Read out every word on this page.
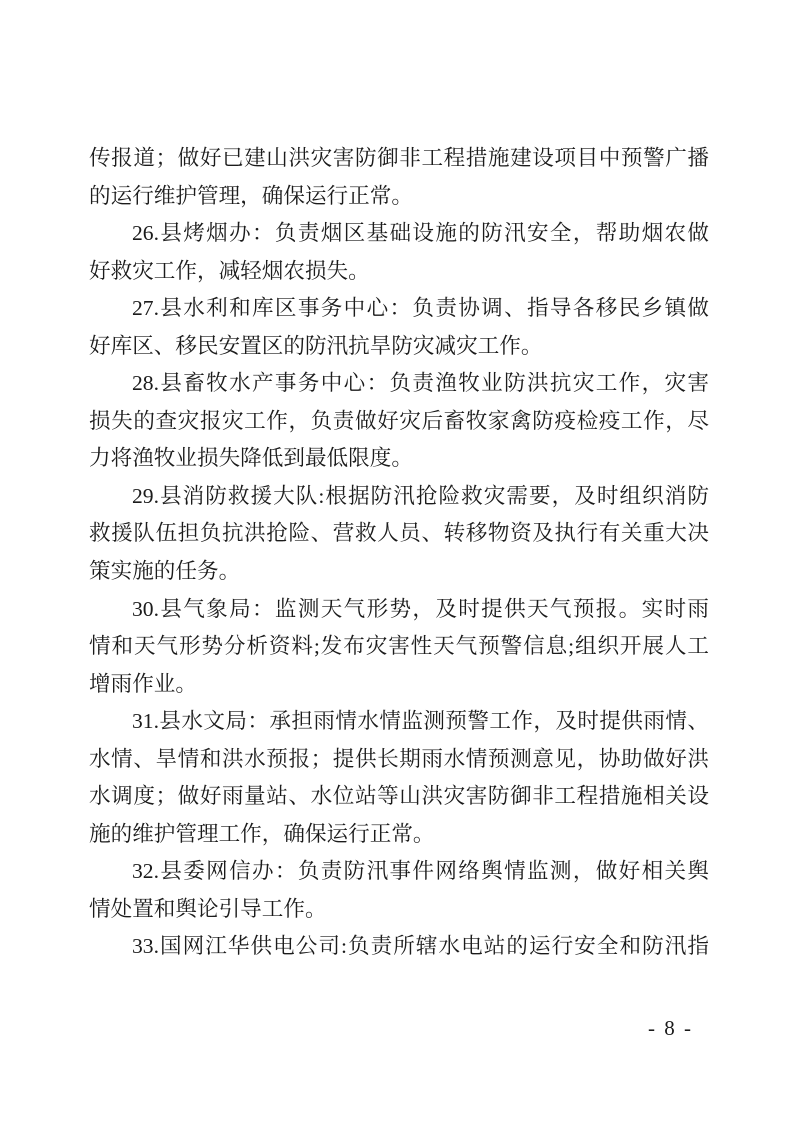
传报道；做好已建山洪灾害防御非工程措施建设项目中预警广播
的运行维护管理，确保运行正常。

26.县烤烟办：负责烟区基础设施的防汛安全，帮助烟农做
好救灾工作，减轻烟农损失。

27.县水利和库区事务中心：负责协调、指导各移民乡镇做
好库区、移民安置区的防汛抗旱防灾减灾工作。

28.县畜牧水产事务中心：负责渔牧业防洪抗灾工作，灾害
损失的查灾报灾工作，负责做好灾后畜牧家禽防疫检疫工作，尽
力将渔牧业损失降低到最低限度。

29.县消防救援大队:根据防汛抢险救灾需要，及时组织消防
救援队伍担负抗洪抢险、营救人员、转移物资及执行有关重大决
策实施的任务。

30.县气象局：监测天气形势，及时提供天气预报。实时雨
情和天气形势分析资料;发布灾害性天气预警信息;组织开展人工
增雨作业。

31.县水文局：承担雨情水情监测预警工作，及时提供雨情、
水情、旱情和洪水预报；提供长期雨水情预测意见，协助做好洪
水调度；做好雨量站、水位站等山洪灾害防御非工程措施相关设
施的维护管理工作，确保运行正常。

32.县委网信办：负责防汛事件网络舆情监测，做好相关舆
情处置和舆论引导工作。

33.国网江华供电公司:负责所辖水电站的运行安全和防汛指

- 8 -
